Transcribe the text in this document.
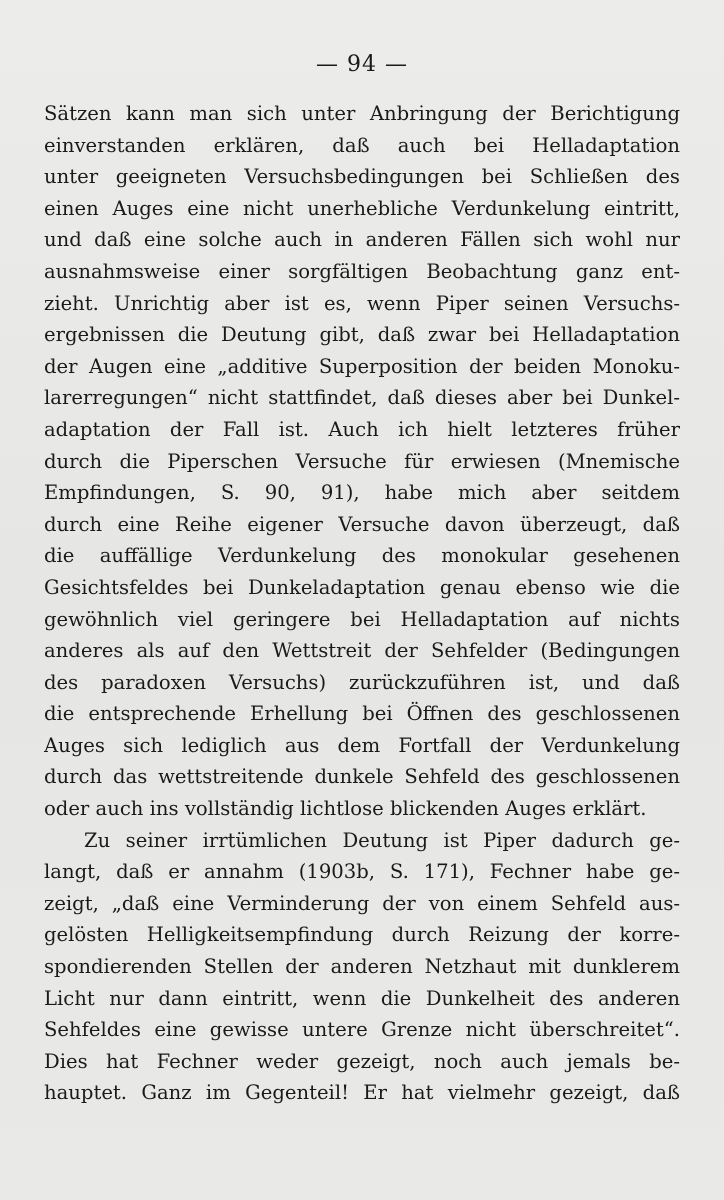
— 94 —
Sätzen kann man sich unter Anbringung der Berichtigung
einverstanden erklären, daß auch bei Helladaptation
unter geeigneten Versuchsbedingungen bei Schließen des
einen Auges eine nicht unerhebliche Verdunkelung eintritt,
und daß eine solche auch in anderen Fällen sich wohl nur
ausnahmsweise einer sorgfältigen Beobachtung ganz ent-
zieht. Unrichtig aber ist es, wenn Piper seinen Versuchs-
ergebnissen die Deutung gibt, daß zwar bei Helladaptation
der Augen eine „additive Superposition der beiden Monoku-
larerregungen“ nicht stattfindet, daß dieses aber bei Dunkel-
adaptation der Fall ist. Auch ich hielt letzteres früher
durch die Piperschen Versuche für erwiesen (Mnemische
Empfindungen, S. 90, 91), habe mich aber seitdem
durch eine Reihe eigener Versuche davon überzeugt, daß
die auffällige Verdunkelung des monokular gesehenen
Gesichtsfeldes bei Dunkeladaptation genau ebenso wie die
gewöhnlich viel geringere bei Helladaptation auf nichts
anderes als auf den Wettstreit der Sehfelder (Bedingungen
des paradoxen Versuchs) zurückzuführen ist, und daß
die entsprechende Erhellung bei Öffnen des geschlossenen
Auges sich lediglich aus dem Fortfall der Verdunkelung
durch das wettstreitende dunkele Sehfeld des geschlossenen
oder auch ins vollständig lichtlose blickenden Auges erklärt.
Zu seiner irrtümlichen Deutung ist Piper dadurch ge-
langt, daß er annahm (1903b, S. 171), Fechner habe ge-
zeigt, „daß eine Verminderung der von einem Sehfeld aus-
gelösten Helligkeitsempfindung durch Reizung der korre-
spondierenden Stellen der anderen Netzhaut mit dunklerem
Licht nur dann eintritt, wenn die Dunkelheit des anderen
Sehfeldes eine gewisse untere Grenze nicht überschreitet“.
Dies hat Fechner weder gezeigt, noch auch jemals be-
hauptet. Ganz im Gegenteil! Er hat vielmehr gezeigt, daß
